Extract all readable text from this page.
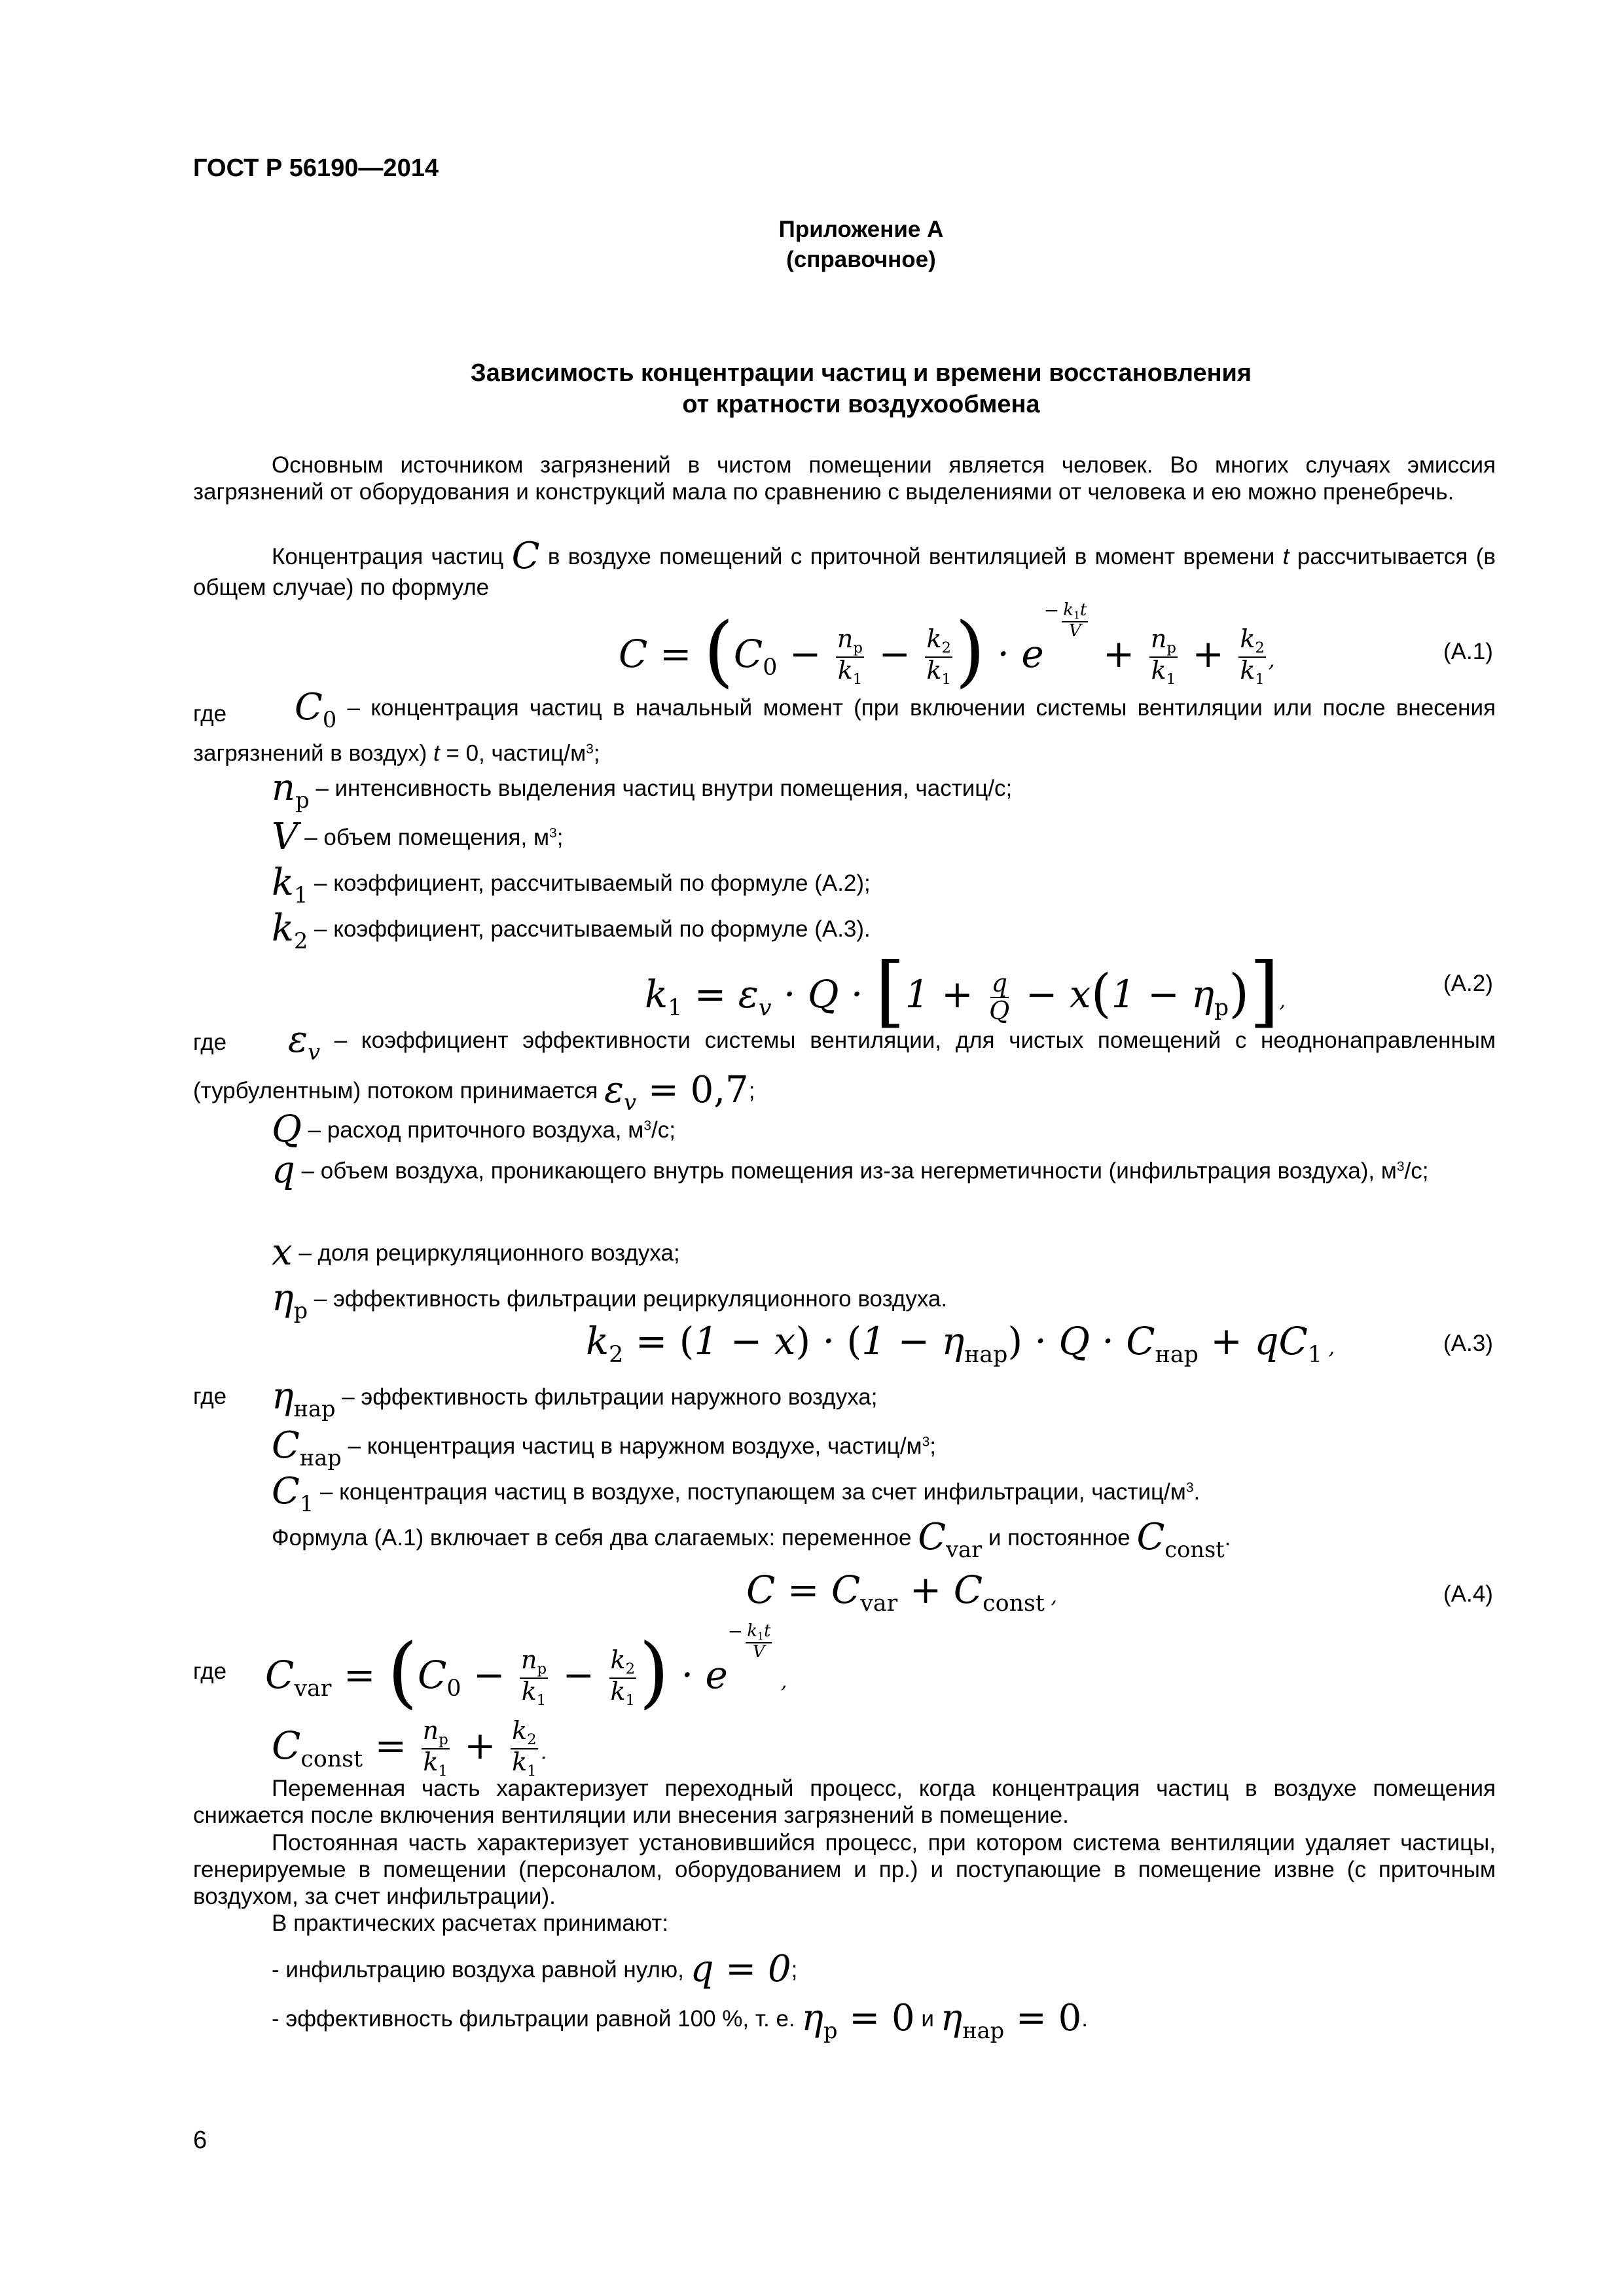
ГОСТ Р 56190—2014
Приложение А
(справочное)
Зависимость концентрации частиц и времени восстановления
от кратности воздухообмена
Основным источником загрязнений в чистом помещении является человек. Во многих случаях эмиссия загрязнений от оборудования и конструкций мала по сравнению с выделениями от человека и ею можно пренебречь.
Концентрация частиц C в воздухе помещений с приточной вентиляцией в момент времени t рассчитывается (в общем случае) по формуле
$C = (C_0 - \frac{n_p}{k_1} - \frac{k_2}{k_1}$ ) · $e- \frac{k_1t}{V}$
+ $\frac{n_p}{k_1} + \frac{k_2}{k_1}$ ,	(А.1)
где	$C_0$ – концентрация частиц в начальный момент (при включении системы вентиляции или после внесения загрязнений в воздух) t = 0, частиц/$м^3$;
$n_p$ – интенсивность выделения частиц внутри помещения, частиц/с;
V – объем помещения, $м^3$;
$k_1$ – коэффициент, рассчитываемый по формуле (А.2);
$k_2$ – коэффициент, рассчитываемый по формуле (А.3).
$k_1 = \varepsilon_v \cdot Q \cdot [1 + \frac{q}{Q} - x(1 - \eta_p)]$,
(А.2)
где	$\varepsilon_v$ – коэффициент эффективности системы вентиляции, для чистых помещений с неоднонаправленным (турбулентным) потоком принимается $\varepsilon_v = 0,7$;
Q – расход приточного воздуха, $м^3/с$;
q – объем воздуха, проникающего внутрь помещения из-за негерметичности (инфильтрация воздуха), $м^3/с$;
x – доля рециркуляционного воздуха;
$\eta_p$ – эффективность фильтрации рециркуляционного воздуха.
$k_2 = (1 - x) \cdot (1 - \eta_{нар}) \cdot Q \cdot C_{нар} + qC_1$ ,	(А.3)
где $\eta_{нар}$ – эффективность фильтрации наружного воздуха;
$C_{нар}$ – концентрация частиц в наружном воздухе, частиц/$м^3$;
$C_1$ – концентрация частиц в воздухе, поступающем за счет инфильтрации, частиц/$м^3$.
Формула (А.1) включает в себя два слагаемых: переменное $C_{var}$ и постоянное $C_{const}$.
$C = C_{var} + C_{const}$ ,	(А.4)
где $C_{var} = (C_0 - \frac{n_p}{k_1} - \frac{k_2}{k_1}$ ) · $e- \frac{k_1t}{V}$
,
$C_{const} = \frac{n_p}{k_1} + \frac{k_2}{k_1}$ .
Переменная часть характеризует переходный процесс, когда концентрация частиц в воздухе помещения снижается после включения вентиляции или внесения загрязнений в помещение.
Постоянная часть характеризует установившийся процесс, при котором система вентиляции удаляет частицы, генерируемые в помещении (персоналом, оборудованием и пр.) и поступающие в помещение извне (с приточным воздухом, за счет инфильтрации).
В практических расчетах принимают:
- инфильтрацию воздуха равной нулю, q = 0;
- эффективность фильтрации равной 100 %, т. е. $\eta_p = 0$ и $\eta_{нар} = 0$.
6
